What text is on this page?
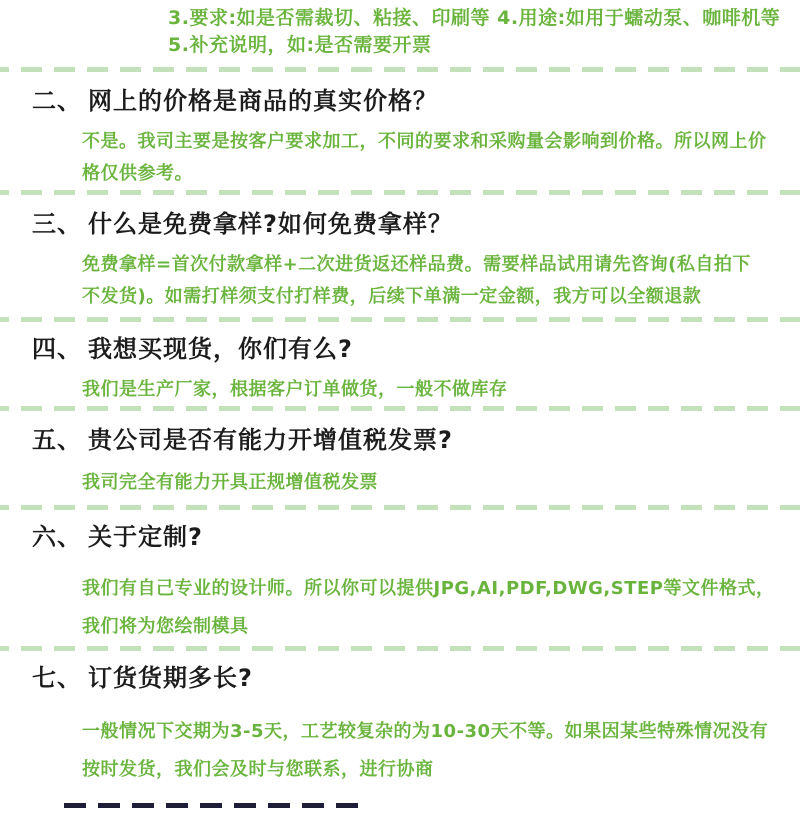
3.要求:如是否需裁切、粘接、印刷等 4.用途:如用于蠕动泵、咖啡机等
5.补充说明，如:是否需要开票
二、 网上的价格是商品的真实价格？
不是。我司主要是按客户要求加工，不同的要求和采购量会影响到价格。所以网上价
格仅供参考。
三、 什么是免费拿样?如何免费拿样？
免费拿样=首次付款拿样+二次进货返还样品费。需要样品试用请先咨询(私自拍下
不发货)。如需打样须支付打样费，后续下单满一定金额，我方可以全额退款
四、 我想买现货，你们有么?
我们是生产厂家，根据客户订单做货，一般不做库存
五、 贵公司是否有能力开增值税发票?
我司完全有能力开具正规增值税发票
六、 关于定制?
我们有自己专业的设计师。所以你可以提供JPG,AI,PDF,DWG,STEP等文件格式，
我们将为您绘制模具
七、 订货货期多长?
一般情况下交期为3-5天，工艺较复杂的为10-30天不等。如果因某些特殊情况没有
按时发货，我们会及时与您联系，进行协商
